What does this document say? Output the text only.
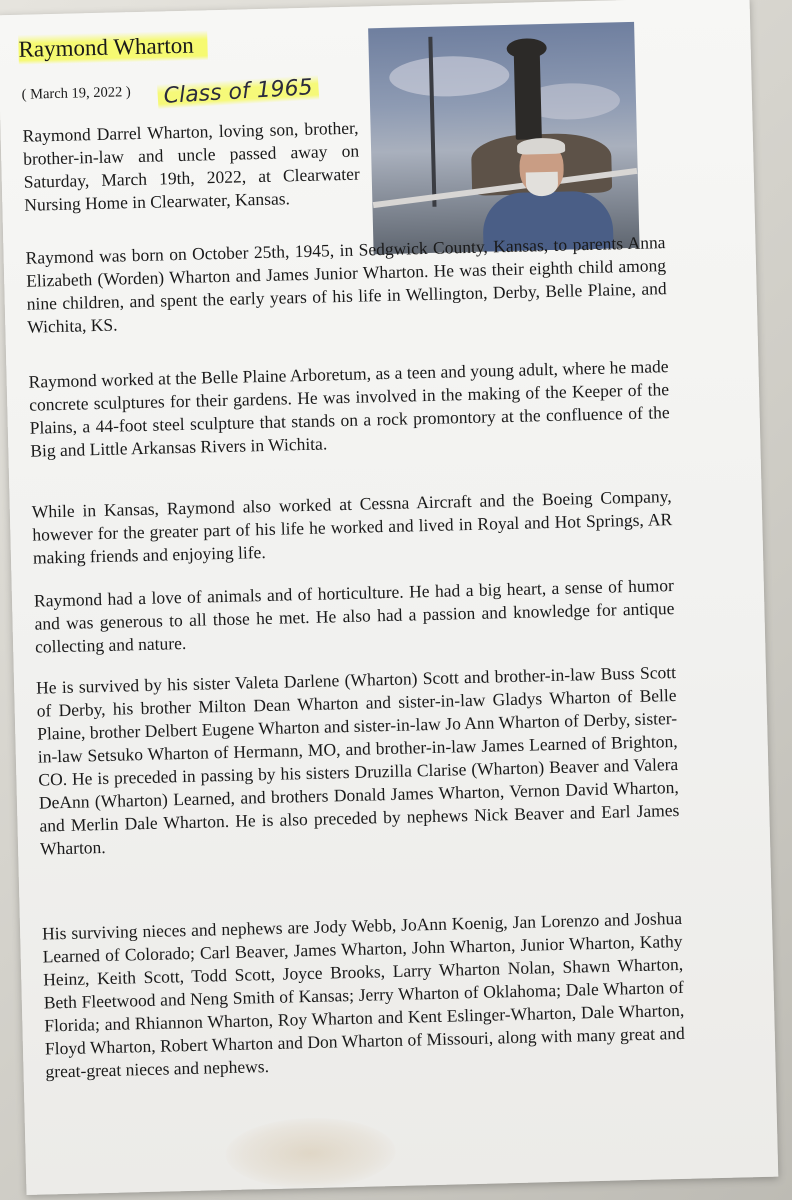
Raymond Wharton
( March 19, 2022 ) Class of 1965

Raymond Darrel Wharton, loving son, brother, brother-in-law and uncle passed away on Saturday, March 19th, 2022, at Clearwater Nursing Home in Clearwater, Kansas.

Raymond was born on October 25th, 1945, in Sedgwick County, Kansas, to parents Anna Elizabeth (Worden) Wharton and James Junior Wharton. He was their eighth child among nine children, and spent the early years of his life in Wellington, Derby, Belle Plaine, and Wichita, KS.

Raymond worked at the Belle Plaine Arboretum, as a teen and young adult, where he made concrete sculptures for their gardens. He was involved in the making of the Keeper of the Plains, a 44-foot steel sculpture that stands on a rock promontory at the confluence of the Big and Little Arkansas Rivers in Wichita.

While in Kansas, Raymond also worked at Cessna Aircraft and the Boeing Company, however for the greater part of his life he worked and lived in Royal and Hot Springs, AR making friends and enjoying life.

Raymond had a love of animals and of horticulture. He had a big heart, a sense of humor and was generous to all those he met. He also had a passion and knowledge for antique collecting and nature.

He is survived by his sister Valeta Darlene (Wharton) Scott and brother-in-law Buss Scott of Derby, his brother Milton Dean Wharton and sister-in-law Gladys Wharton of Belle Plaine, brother Delbert Eugene Wharton and sister-in-law Jo Ann Wharton of Derby, sister-in-law Setsuko Wharton of Hermann, MO, and brother-in-law James Learned of Brighton, CO. He is preceded in passing by his sisters Druzilla Clarise (Wharton) Beaver and Valera DeAnn (Wharton) Learned, and brothers Donald James Wharton, Vernon David Wharton, and Merlin Dale Wharton. He is also preceded by nephews Nick Beaver and Earl James Wharton.

His surviving nieces and nephews are Jody Webb, JoAnn Koenig, Jan Lorenzo and Joshua Learned of Colorado; Carl Beaver, James Wharton, John Wharton, Junior Wharton, Kathy Heinz, Keith Scott, Todd Scott, Joyce Brooks, Larry Wharton Nolan, Shawn Wharton, Beth Fleetwood and Neng Smith of Kansas; Jerry Wharton of Oklahoma; Dale Wharton of Florida; and Rhiannon Wharton, Roy Wharton and Kent Eslinger-Wharton, Dale Wharton, Floyd Wharton, Robert Wharton and Don Wharton of Missouri, along with many great and great-great nieces and nephews.
